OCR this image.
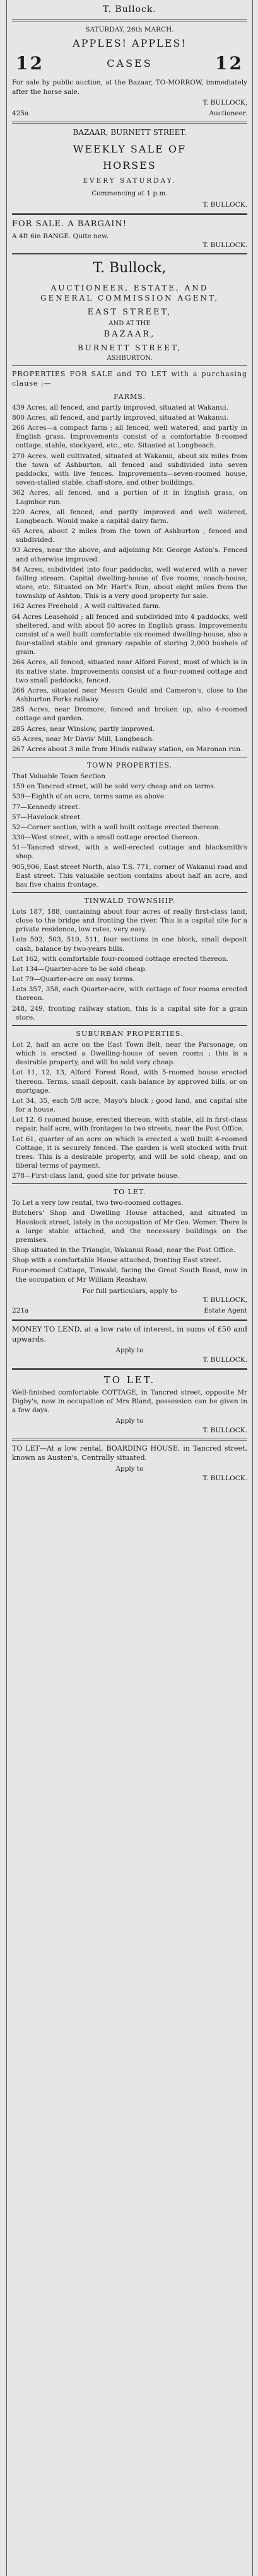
T. Bullock.
SATURDAY, 26th MARCH.
APPLES! APPLES!
12	CASES	12

For sale by public auction, at the Bazaar, TO-MORROW, immediately after the horse sale.

T. BULLOCK,
425a	Auctioneer.
BAZAAR, BURNETT STREET.
WEEKLY SALE OF
HORSES
EVERY SATURDAY.
Commencing at 1 p.m.
T. BULLOCK.
FOR SALE. A BARGAIN!
A 4ft 6in RANGE. Quite new.
T. BULLOCK.
T. Bullock,
AUCTIONEER, ESTATE, AND
GENERAL COMMISSION AGENT,
EAST STREET,
AND AT THE
BAZAAR,
BURNETT STREET,
ASHBURTON.
PROPERTIES FOR SALE and TO LET with a purchasing clause :—
FARMS.
439 Acres, all fenced, and partly improved, situated at Wakanui.
800 Acres, all fenced, and partly improved, situated at Wakanui.
266 Acres—a compact farm ; all fenced, well watered, and partly in English grass. Improvements consist of a comfortable 8-roomed cottage, stable, stockyard, etc., etc. Situated at Longbeach.
270 Acres, well cultivated, situated at Wakanui, about six miles from the town of Ashburton, all fenced and subdivided into seven paddocks, with live fences. Improvements—seven-roomed house, seven-stalled stable, chaff-store, and other buildings.
362 Acres, all fenced, and a portion of it in English grass, on Lagmhor run.
220 Acres, all fenced, and partly improved and well watered, Longbeach. Would make a capital dairy farm.
65 Acres, about 2 miles from the town of Ashburton ; fenced and subdivided.
93 Acres, near the above, and adjoining Mr. George Aston's. Fenced and otherwise improved.
84 Acres, subdivided into four paddocks, well watered with a never failing stream. Capital dwelling-house of five rooms, coach-house, store, etc. Situated on Mr. Hart's Run, about eight miles from the township of Ashton. This is a very good property for sale.
162 Acres Freehold ; A well cultivated farm.
64 Acres Leasehold ; all fenced and subdivided into 4 paddocks, well sheltered, and with about 50 acres in English grass. Improvements consist of a well built comfortable six-roomed dwelling-house, also a four-stalled stable and granary capable of storing 2,000 bushels of grain.
264 Acres, all fenced, situated near Alford Forest, most of which is in its native state. Improvements consist of a four-roomed cottage and two small paddocks, fenced.
266 Acres, situated near Messrs Gould and Cameron's, close to the Ashburton Forks railway.
285 Acres, near Dromore, fenced and broken up, also 4-roomed cottage and garden.
285 Acres, near Winslow, partly improved.
65 Acres, near Mr Davis' Mill, Longbeach.
267 Acres about 3 mile from Hinds railway station, on Maronan run.
TOWN PROPERTIES.
That Valuable Town Section
159 on Tancred street, will be sold very cheap and on terms.
539—Eighth of an acre, terms same as above.
77—Kennedy street.
57—Havelock street.
52—Corner section, with a well built cottage erected thereon.
330—West street, with a small cottage erected thereon.
51—Tancred street, with a well-erected cottage and blacksmith's shop.
905,906, East street North, also T.S. 771, corner of Wakanui road and East street. This valuable section contains about half an acre, and has five chains frontage.
TINWALD TOWNSHIP.
Lots 187, 188, containing about four acres of really first-class land, close to the bridge and fronting the river. This is a capital site for a private residence, low rates, very easy.
Lots 502, 503, 510, 511, four sections in one block, small deposit cash, balance by two-years bills.
Lot 162, with comfortable four-roomed cottage erected thereon.
Lot 134—Quarter-acre to be sold cheap.
Lot 79—Quarter-acre on easy terms.
Lots 357, 358, each Quarter-acre, with cottage of four rooms erected thereon.
248, 249, fronting railway station, this is a capital site for a grain store.
SUBURBAN PROPERTIES.
Lot 2, half an acre on the East Town Belt, near the Parsonage, on which is erected a Dwelling-house of seven rooms ; this is a desirable property, and will be sold very cheap.
Lot 11, 12, 13, Alford Forest Road, with 5-roomed house erected thereon. Terms, small deposit, cash balance by approved bills, or on mortgage.
Lot 34, 35, each 5/8 acre, Mayo's block ; good land, and capital site for a house.
Lot 12. 6 roomed house, erected thereon, with stable, all in first-class repair, half acre, with frontages to two streets, near the Post Office.
Lot 61, quarter of an acre on which is erected a well built 4-roomed Cottage, it is securely fenced. The garden is well stocked with fruit trees. This is a desirable property, and will be sold cheap, and on liberal terms of payment.
278—First-class land, good site for private house.
TO LET.
To Let a very low rental, two two-roomed cottages.
Butchers' Shop and Dwelling House attached, and situated in Havelock street, lately in the occupation of Mr Geo. Womer. There is a large stable attached, and the necessary buildings on the premises.
Shop situated in the Triangle, Wakanui Road, near the Post Office.
Shop with a comfortable House attached, fronting East street.
Four-roomed Cottage, Tinwald, facing the Great South Road, now in the occupation of Mr William Renshaw.
For full particulars, apply to
T. BULLOCK,
221a	Estate Agent

MONEY TO LEND, at a low rate of interest, in sums of £50 and upwards.

Apply to
T. BULLOCK.
TO LET.

Well-finished comfortable COTTAGE, in Tancred street, opposite Mr Digby's, now in occupation of Mrs Bland, possession can be given in a few days.

Apply to
T. BULLOCK.

TO LET—At a low rental, BOARDING HOUSE, in Tancred street, known as Austen's, Centrally situated.

Apply to
T. BULLOCK.
